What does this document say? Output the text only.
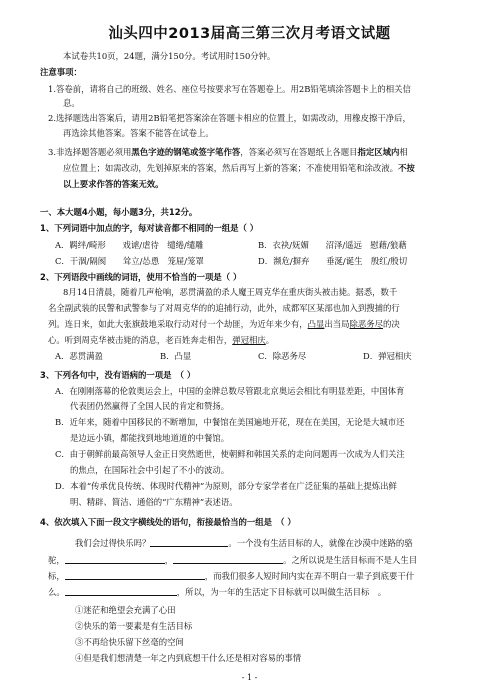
汕头四中2013届高三第三次月考语文试题
本试卷共10页，24题，满分150分。考试用时150分钟。
注意事项：
1.答卷前，请将自己的班级、姓名、座位号按要求写在答题卷上。用2B铅笔填涂答题卡上的相关信
息。
2.选择题选出答案后，请用2B铅笔把答案涂在答题卡相应的位置上，如需改动，用橡皮擦干净后，
再选涂其他答案。答案不能答在试卷上。
3.非选择题答题必须用黑色字迹的钢笔或签字笔作答，答案必须写在答题纸上各题目指定区域内相
应位置上；如需改动，先划掉原来的答案，然后再写上新的答案；不准使用铅笔和涂改液。不按
以上要求作答的答案无效。
一、本大题4小题，每小题3分，共12分。
1、下列词语中加点的字，每对读音都不相同的一组是（ ）
A．羁绊/畸形　　戏谑/虐待　缱绻/缱雕	B．衣袂/妩媚　　沼泽/遥远　慰藉/狼藉
C．干涸/隔阂　　耸立/怂恿　笼屉/笼罩	D．濒危/摒弃　　垂涎/诞生　殷红/殷切
2、下列语段中画线的词语，使用不恰当的一项是（ ）
8月14日清晨，随着几声枪响，恶贯满盈的杀人魔王周克华在重庆街头被击毙。据悉，数千
名全副武装的民警和武警参与了对周克华的的追捕行动，此外，成都军区某部也加入到搜捕的行
列。连日来，如此大张旗鼓地采取行动对付一个劫匪，为近年来少有，凸显出当局除恶务尽的决
心。听到周克华被击毙的消息，老百姓奔走相告，弹冠相庆。
A．恶贯满盈	B．凸显	C．除恶务尽	D．弹冠相庆
3、下列各句中，没有语病的一项是　（ ）
A．在刚刚落幕的伦敦奥运会上，中国的金牌总数尽管跟北京奥运会相比有明显差距，中国体育
代表团仍然赢得了全国人民的肯定和赞扬。
B．近年来，随着中国移民的不断增加，中餐馆在美国遍地开花，现在在美国，无论是大城市还
是边远小镇，都能找到地地道道的中餐馆。
C．由于朝鲜前最高领导人金正日突然逝世，使朝鲜和韩国关系的走向问题再一次成为人们关注
的焦点，在国际社会中引起了不小的波动。
D．本着“传承优良传统、体现时代精神”为原则，部分专家学者在广泛征集的基础上提炼出鲜
明、精辟、简洁、通俗的“广东精神”表述语。
4、依次填入下面一段文字横线处的语句，衔接最恰当的一组是　（ ）
我们会过得快乐吗？	。一个没有生活目标的人，就像在沙漠中迷路的骆
驼，	，	。之所以说是生活目标而不是人生目
标，	，而我们很多人短时间内实在弄不明白一辈子到底要干什
么。	，所以，为一年的生活定下目标就可以叫做生活目标　。
①迷茫和绝望会充满了心田
②快乐的第一要素是有生活目标
③不再给快乐留下丝毫的空间
④但是我们想清楚一年之内到底想干什么还是相对容易的事情
- 1 -
